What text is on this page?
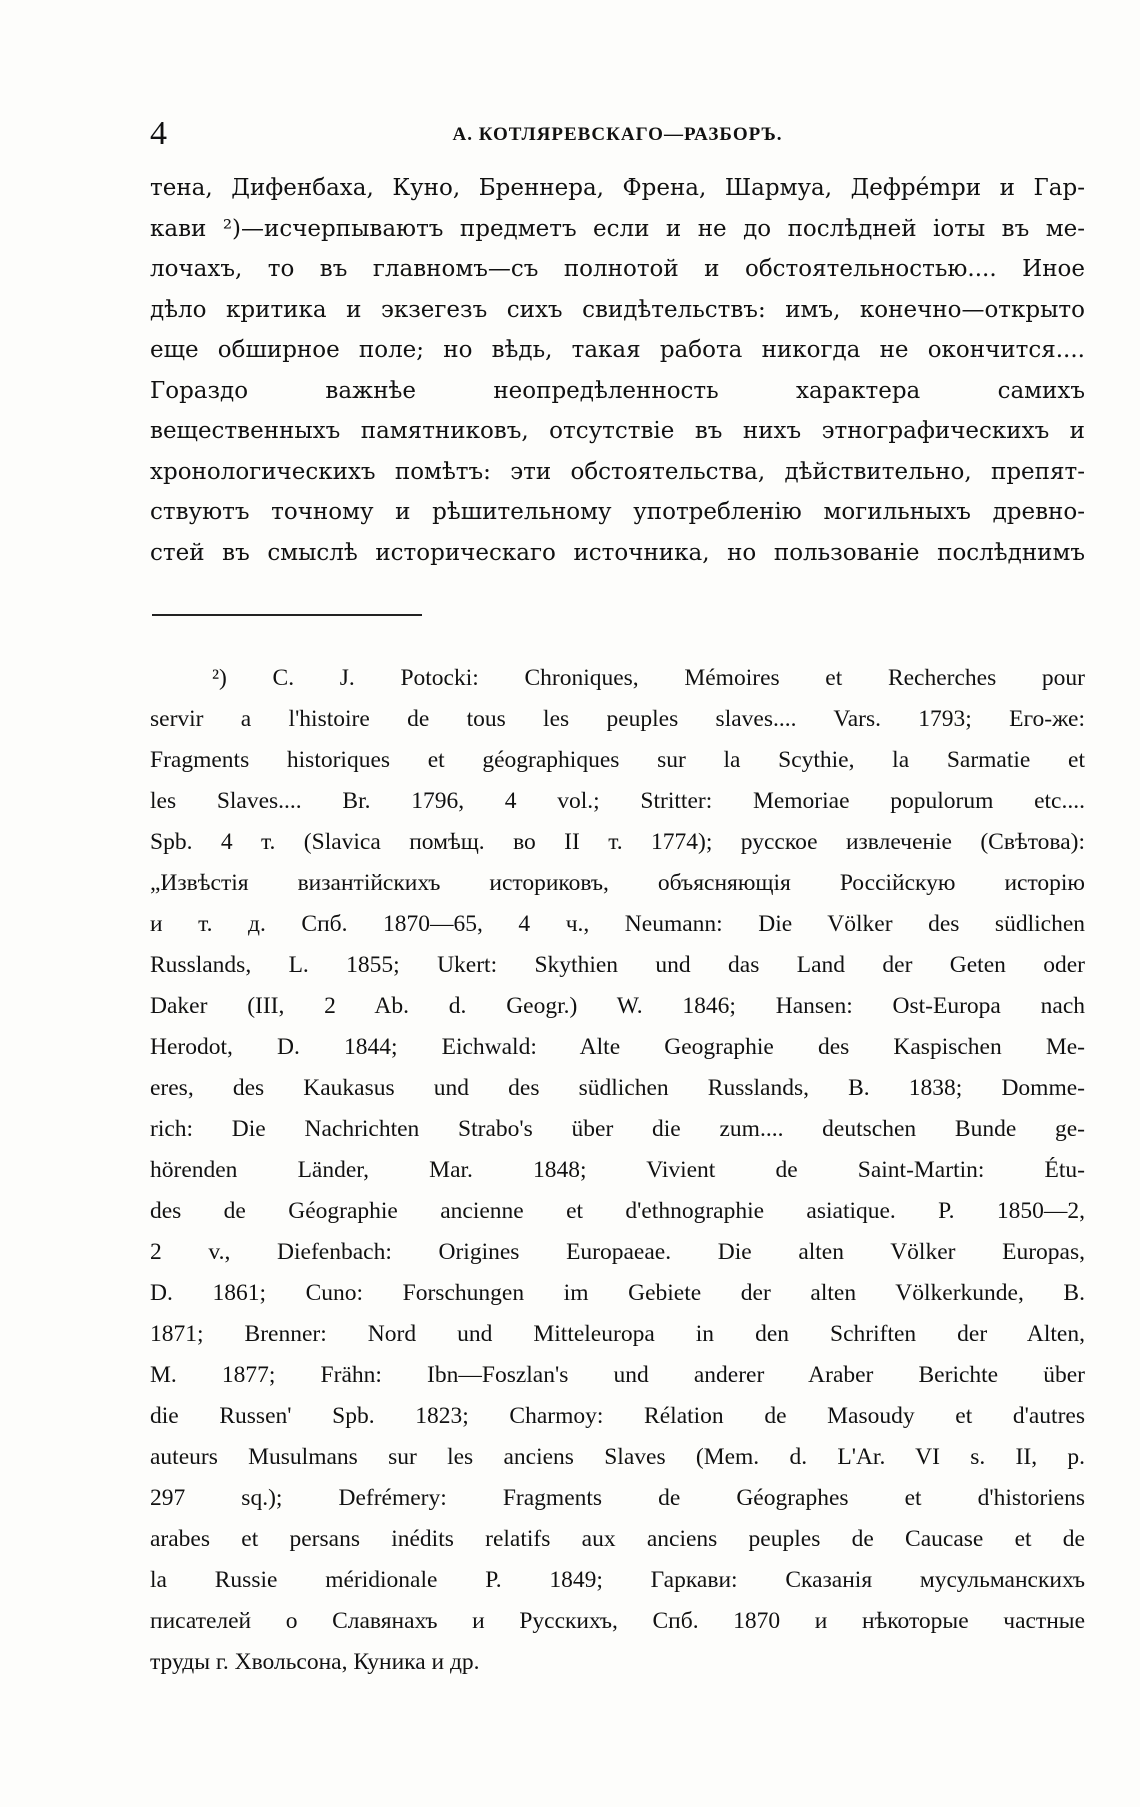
4	А. КОТЛЯРЕВСКАГО—РАЗБОРЪ.
тена, Дифенбаха, Куно, Бреннера, Френа, Шармуа, Дефрémри и Гар-
кави ²)—исчерпываютъ предметъ если и не до послѣдней іоты въ ме-
лочахъ, то въ главномъ—съ полнотой и обстоятельностью.... Иное
дѣло критика и экзегезъ сихъ свидѣтельствъ: имъ, конечно—открыто
еще обширное поле; но вѣдь, такая работа никогда не окончится....
Гораздо важнѣе неопредѣленность характера самихъ
вещественныхъ памятниковъ, отсутствіе въ нихъ этнографическихъ и
хронологическихъ помѣтъ: эти обстоятельства, дѣйствительно, препят-
ствуютъ точному и рѣшительному употребленію могильныхъ древно-
стей въ смыслѣ историческаго источника, но пользованіе послѣднимъ
²) C. J. Potocki: Chroniques, Mémoires et Recherches pour
servir a l'histoire de tous les peuples slaves.... Vars. 1793; Его-же:
Fragments historiques et géographiques sur la Scythie, la Sarmatie et
les Slaves.... Br. 1796, 4 vol.; Stritter: Memoriae populorum etc....
Spb. 4 т. (Slavica помѣщ. во II т. 1774); русское извлеченіе (Свѣтова):
„Извѣстія византійскихъ историковъ, объясняющія Россійскую исторію
и т. д. Спб. 1870—65, 4 ч., Neumann: Die Völker des südlichen
Russlands, L. 1855; Ukert: Skythien und das Land der Geten oder
Daker (III, 2 Ab. d. Geogr.) W. 1846; Hansen: Ost-Europa nach
Herodot, D. 1844; Eichwald: Alte Geographie des Kaspischen Me-
eres, des Kaukasus und des südlichen Russlands, B. 1838; Domme-
rich: Die Nachrichten Strabo's über die zum.... deutschen Bunde ge-
hörenden Länder, Mar. 1848; Vivient de Saint-Martin: Étu-
des de Géographie ancienne et d'ethnographie asiatique. P. 1850—2,
2 v., Diefenbach: Origines Europaeae. Die alten Völker Europas,
D. 1861; Cuno: Forschungen im Gebiete der alten Völkerkunde, B.
1871; Brenner: Nord und Mitteleuropa in den Schriften der Alten,
M. 1877; Frähn: Ibn—Foszlan's und anderer Araber Berichte über
die Russen' Spb. 1823; Charmoy: Rélation de Masoudy et d'autres
auteurs Musulmans sur les anciens Slaves (Mem. d. L'Ar. VI s. II, p.
297 sq.); Defrémery: Fragments de Géographes et d'historiens
arabes et persans inédits relatifs aux anciens peuples de Caucase et de
la Russie méridionale P. 1849; Гаркави: Сказанія мусульманскихъ
писателей о Славянахъ и Русскихъ, Спб. 1870 и нѣкоторые частные
труды г. Хвольсона, Куника и др.
